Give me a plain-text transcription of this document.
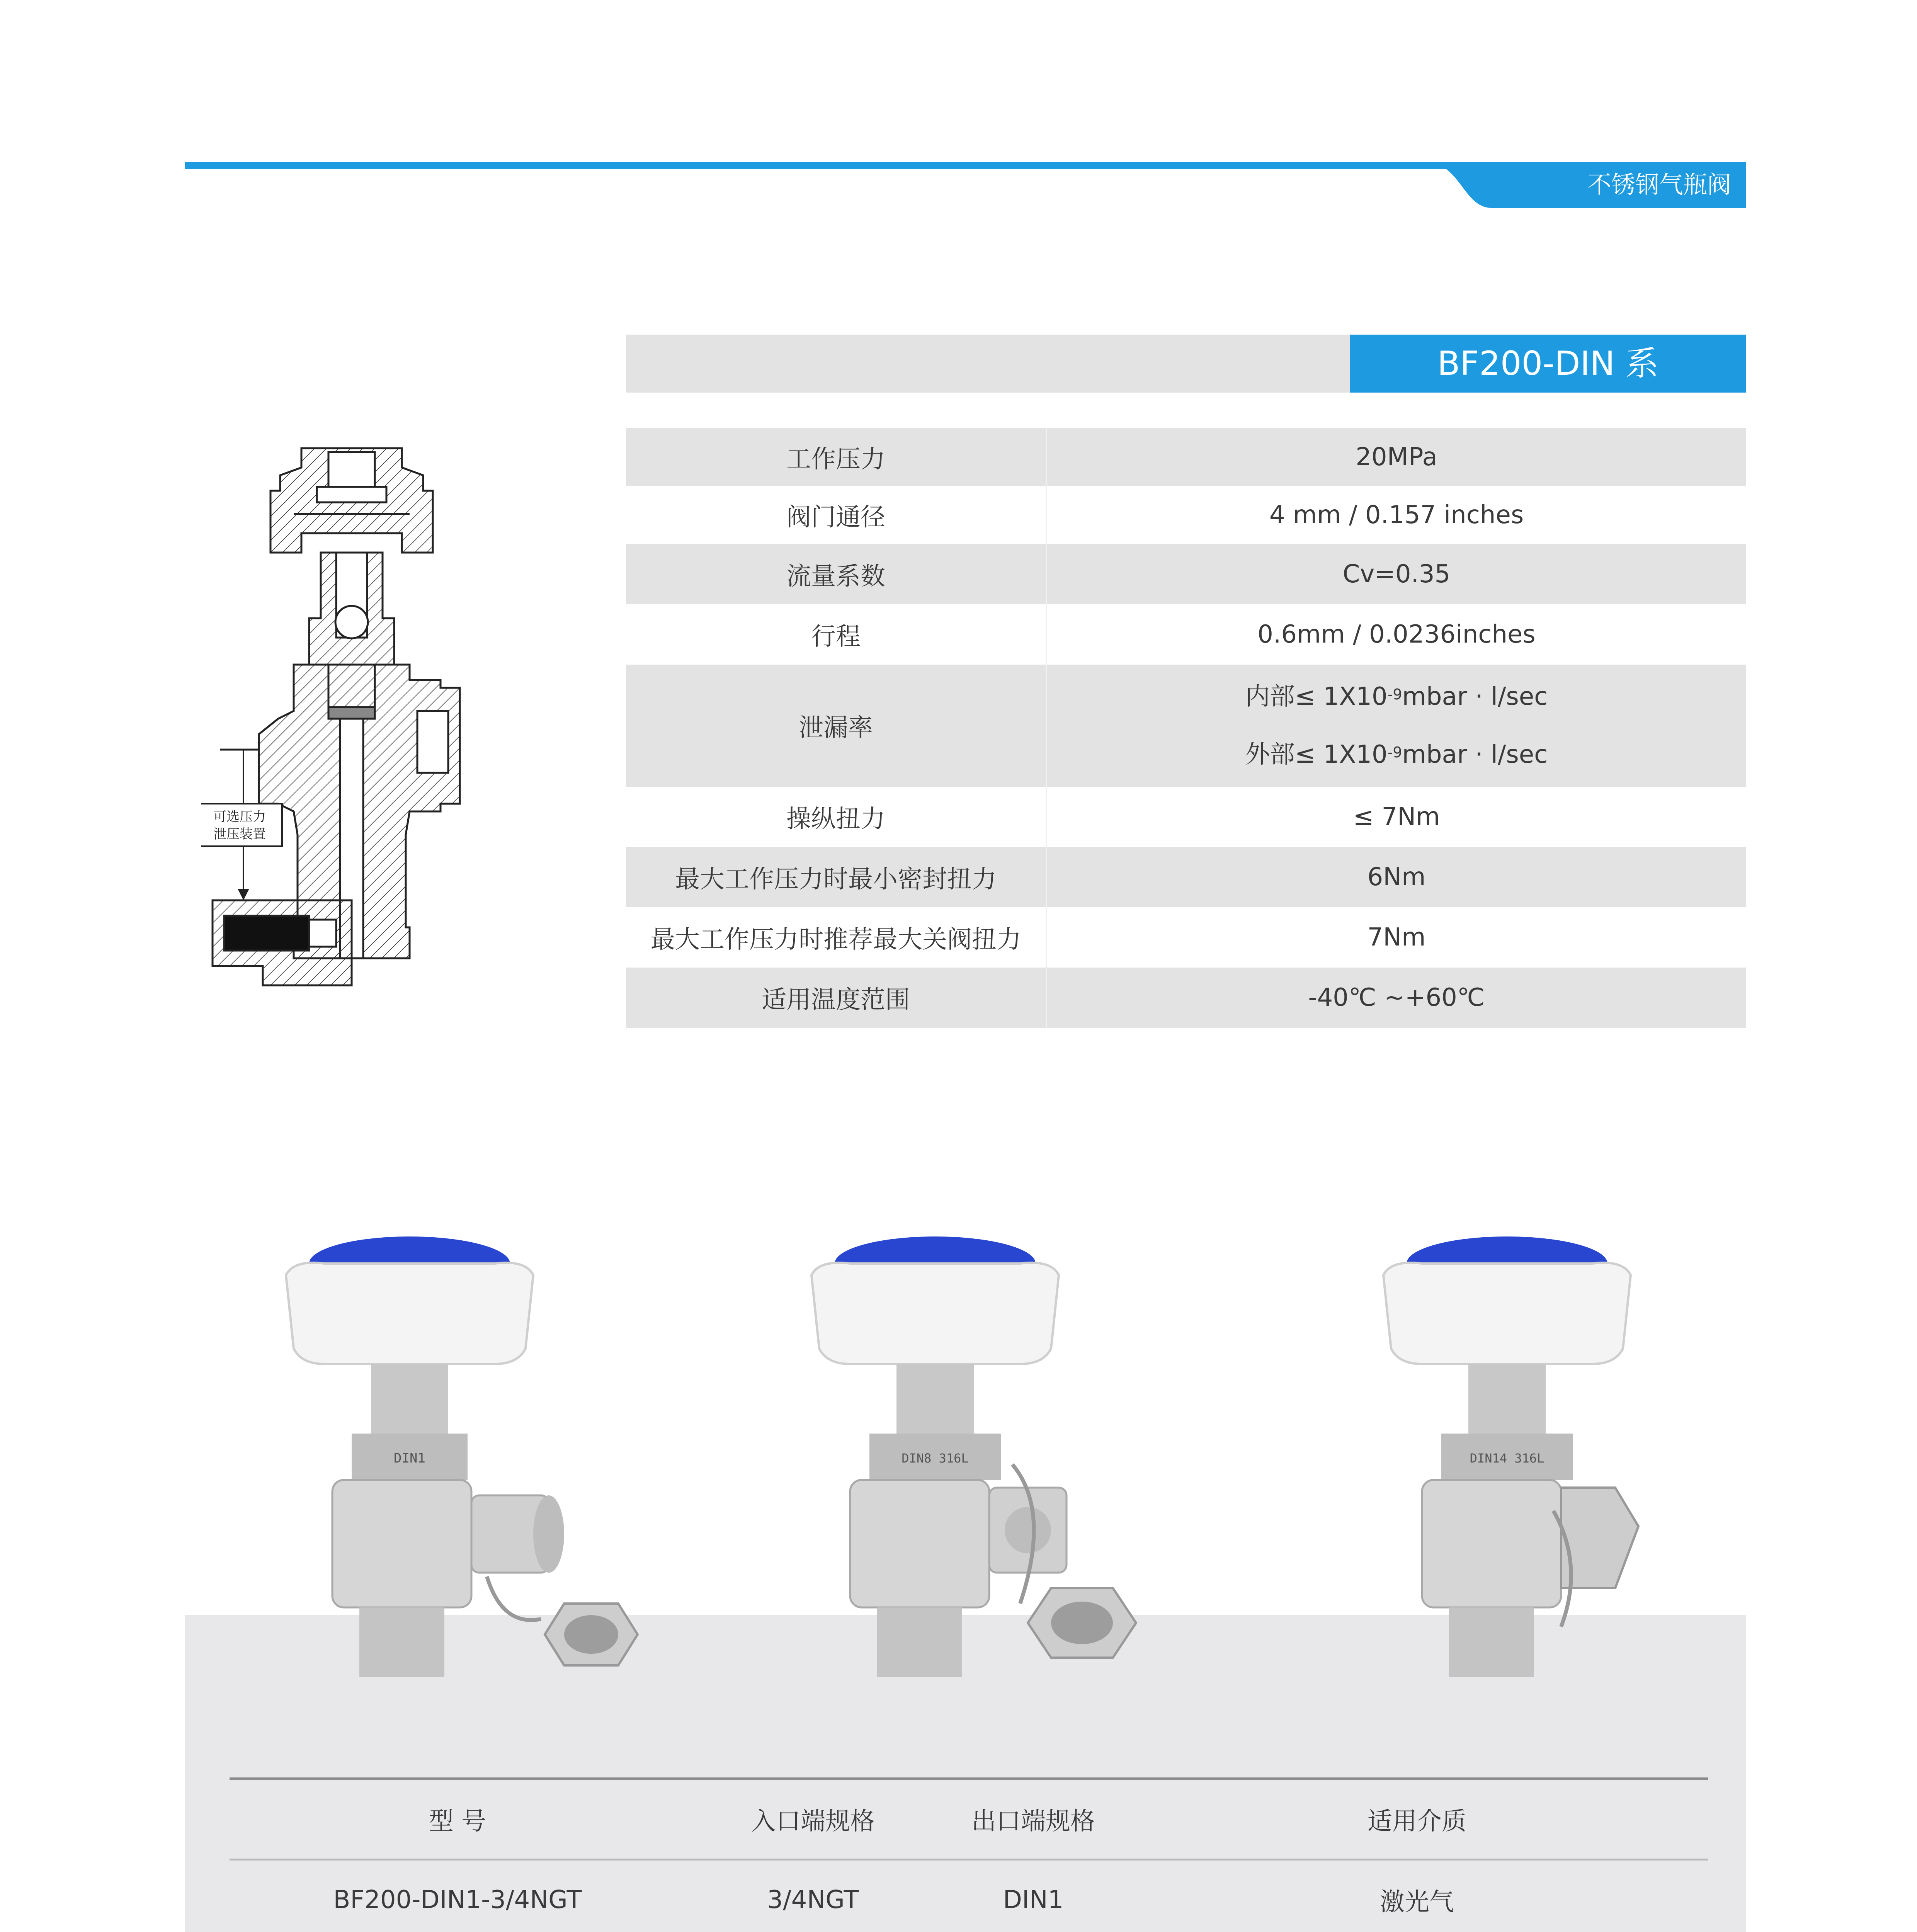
不锈钢气瓶阀
BF200-DIN 系
可选压力
泄压装置
工作压力	20MPa
阀门通径	4 mm / 0.157 inches
流量系数	Cv=0.35
行程	0.6mm / 0.0236inches
泄漏率
内部≤ $1X10^{-9}mbar \cdot l/\sec$
外部≤ $1X10^{-9}mbar \cdot l/\sec$
操纵扭力	≤ 7Nm
最大工作压力时最小密封扭力	6Nm
最大工作压力时推荐最大关阀扭力	7Nm
适用温度范围	-40℃ ~+60℃
DIN1	DIN8 316L	DIN14 316L
型 号	入口端规格	出口端规格	适用介质
BF200-DIN1-3/4NGT	3/4NGT	DIN1	激光气
